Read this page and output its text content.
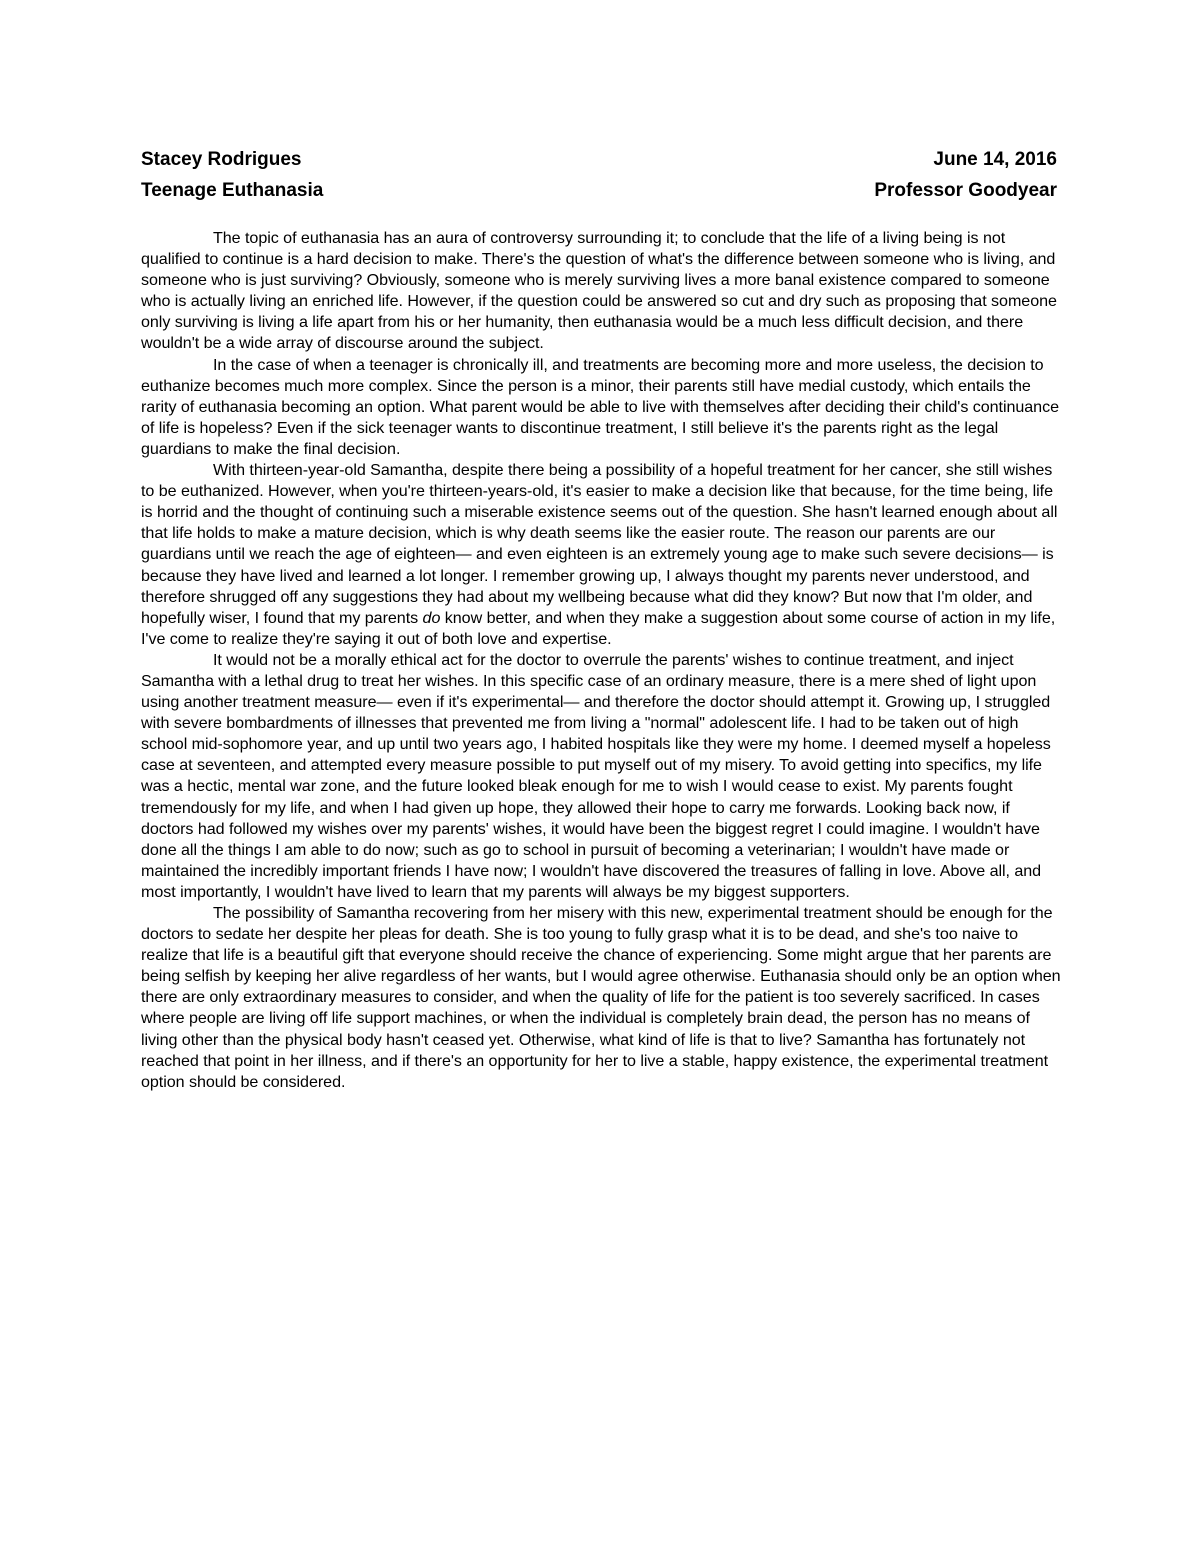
Stacey Rodrigues	June 14, 2016
Teenage Euthanasia	Professor Goodyear

The topic of euthanasia has an aura of controversy surrounding it; to conclude that the life of a living being is not qualified to continue is a hard decision to make. There's the question of what's the difference between someone who is living, and someone who is just surviving? Obviously, someone who is merely surviving lives a more banal existence compared to someone who is actually living an enriched life. However, if the question could be answered so cut and dry such as proposing that someone only surviving is living a life apart from his or her humanity, then euthanasia would be a much less difficult decision, and there wouldn't be a wide array of discourse around the subject.

In the case of when a teenager is chronically ill, and treatments are becoming more and more useless, the decision to euthanize becomes much more complex. Since the person is a minor, their parents still have medial custody, which entails the rarity of euthanasia becoming an option. What parent would be able to live with themselves after deciding their child's continuance of life is hopeless? Even if the sick teenager wants to discontinue treatment, I still believe it's the parents right as the legal guardians to make the final decision.

With thirteen-year-old Samantha, despite there being a possibility of a hopeful treatment for her cancer, she still wishes to be euthanized. However, when you're thirteen-years-old, it's easier to make a decision like that because, for the time being, life is horrid and the thought of continuing such a miserable existence seems out of the question. She hasn't learned enough about all that life holds to make a mature decision, which is why death seems like the easier route. The reason our parents are our guardians until we reach the age of eighteen— and even eighteen is an extremely young age to make such severe decisions— is because they have lived and learned a lot longer. I remember growing up, I always thought my parents never understood, and therefore shrugged off any suggestions they had about my wellbeing because what did they know? But now that I'm older, and hopefully wiser, I found that my parents do know better, and when they make a suggestion about some course of action in my life, I've come to realize they're saying it out of both love and expertise.

It would not be a morally ethical act for the doctor to overrule the parents' wishes to continue treatment, and inject Samantha with a lethal drug to treat her wishes. In this specific case of an ordinary measure, there is a mere shed of light upon using another treatment measure— even if it's experimental— and therefore the doctor should attempt it. Growing up, I struggled with severe bombardments of illnesses that prevented me from living a "normal" adolescent life. I had to be taken out of high school mid-sophomore year, and up until two years ago, I habited hospitals like they were my home. I deemed myself a hopeless case at seventeen, and attempted every measure possible to put myself out of my misery. To avoid getting into specifics, my life was a hectic, mental war zone, and the future looked bleak enough for me to wish I would cease to exist. My parents fought tremendously for my life, and when I had given up hope, they allowed their hope to carry me forwards. Looking back now, if doctors had followed my wishes over my parents' wishes, it would have been the biggest regret I could imagine. I wouldn't have done all the things I am able to do now; such as go to school in pursuit of becoming a veterinarian; I wouldn't have made or maintained the incredibly important friends I have now; I wouldn't have discovered the treasures of falling in love. Above all, and most importantly, I wouldn't have lived to learn that my parents will always be my biggest supporters.

The possibility of Samantha recovering from her misery with this new, experimental treatment should be enough for the doctors to sedate her despite her pleas for death. She is too young to fully grasp what it is to be dead, and she's too naive to realize that life is a beautiful gift that everyone should receive the chance of experiencing. Some might argue that her parents are being selfish by keeping her alive regardless of her wants, but I would agree otherwise. Euthanasia should only be an option when there are only extraordinary measures to consider, and when the quality of life for the patient is too severely sacrificed. In cases where people are living off life support machines, or when the individual is completely brain dead, the person has no means of living other than the physical body hasn't ceased yet. Otherwise, what kind of life is that to live? Samantha has fortunately not reached that point in her illness, and if there's an opportunity for her to live a stable, happy existence, the experimental treatment option should be considered.
